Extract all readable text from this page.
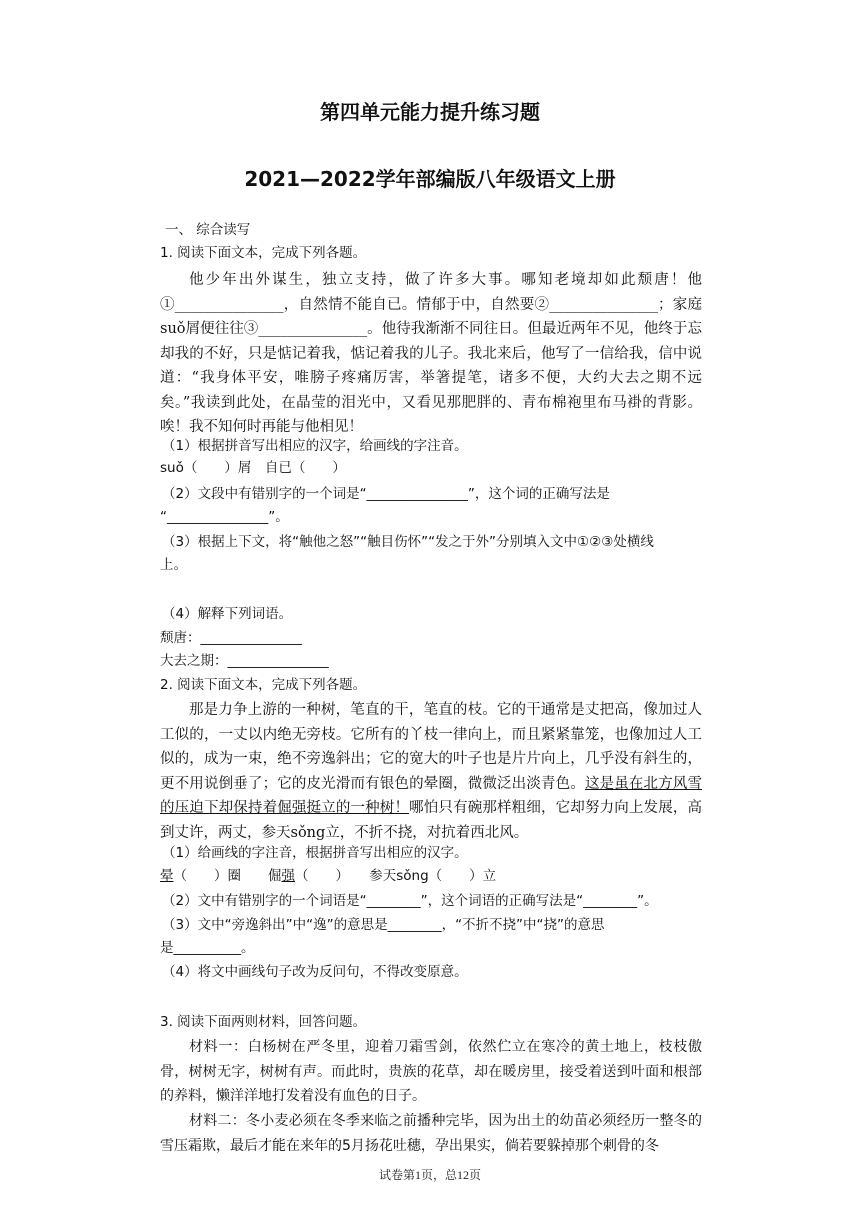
第四单元能力提升练习题
2021—2022学年部编版八年级语文上册
一、 综合读写
1. 阅读下面文本，完成下列各题。
他少年出外谋生，独立支持，做了许多大事。哪知老境却如此颓唐！他①_______________，自然情不能自已。情郁于中，自然要②_______________；家庭suǒ屑便往往③_______________。他待我渐渐不同往日。但最近两年不见，他终于忘却我的不好，只是惦记着我，惦记着我的儿子。我北来后，他写了一信给我，信中说道：“我身体平安，唯膀子疼痛厉害，举箸提笔，诸多不便，大约大去之期不远矣。”我读到此处，在晶莹的泪光中，又看见那肥胖的、青布棉袍里布马褂的背影。唉！我不知何时再能与他相见！
（1）根据拼音写出相应的汉字，给画线的字注音。
suǒ（　　）屑　自已（　　）
（2）文段中有错别字的一个词是“_______________”，这个词的正确写法是
“_______________”。
（3）根据上下文，将“触他之怒”“触目伤怀”“发之于外”分别填入文中①②③处横线
上。
（4）解释下列词语。
颓唐：_______________
大去之期：_______________
2. 阅读下面文本，完成下列各题。
那是力争上游的一种树，笔直的干，笔直的枝。它的干通常是丈把高，像加过人工似的，一丈以内绝无旁枝。它所有的丫枝一律向上，而且紧紧靠笼，也像加过人工似的，成为一束，绝不旁逸斜出；它的宽大的叶子也是片片向上，几乎没有斜生的，更不用说倒垂了；它的皮光滑而有银色的晕圈，微微泛出淡青色。这是虽在北方风雪的压迫下却保持着倔强挺立的一种树！哪怕只有碗那样粗细，它却努力向上发展，高到丈许，两丈，参天sǒng立，不折不挠，对抗着西北风。
（1）给画线的字注音，根据拼音写出相应的汉字。
晕（　　）圈　　倔强（　　）　　参天sǒng（　　）立
（2）文中有错别字的一个词语是“________”，这个词语的正确写法是“________”。
（3）文中“旁逸斜出”中“逸”的意思是________，“不折不挠”中“挠”的意思
是__________。
（4）将文中画线句子改为反问句，不得改变原意。
3. 阅读下面两则材料，回答问题。
材料一：白杨树在严冬里，迎着刀霜雪剑，依然伫立在寒冷的黄土地上，枝枝傲骨，树树无字，树树有声。而此时，贵族的花草，却在暖房里，接受着送到叶面和根部的养料，懒洋洋地打发着没有血色的日子。
材料二：冬小麦必须在冬季来临之前播种完毕，因为出土的幼苗必须经历一整冬的雪压霜欺，最后才能在来年的5月扬花吐穗，孕出果实，倘若要躲掉那个刺骨的冬
试卷第1页，总12页
